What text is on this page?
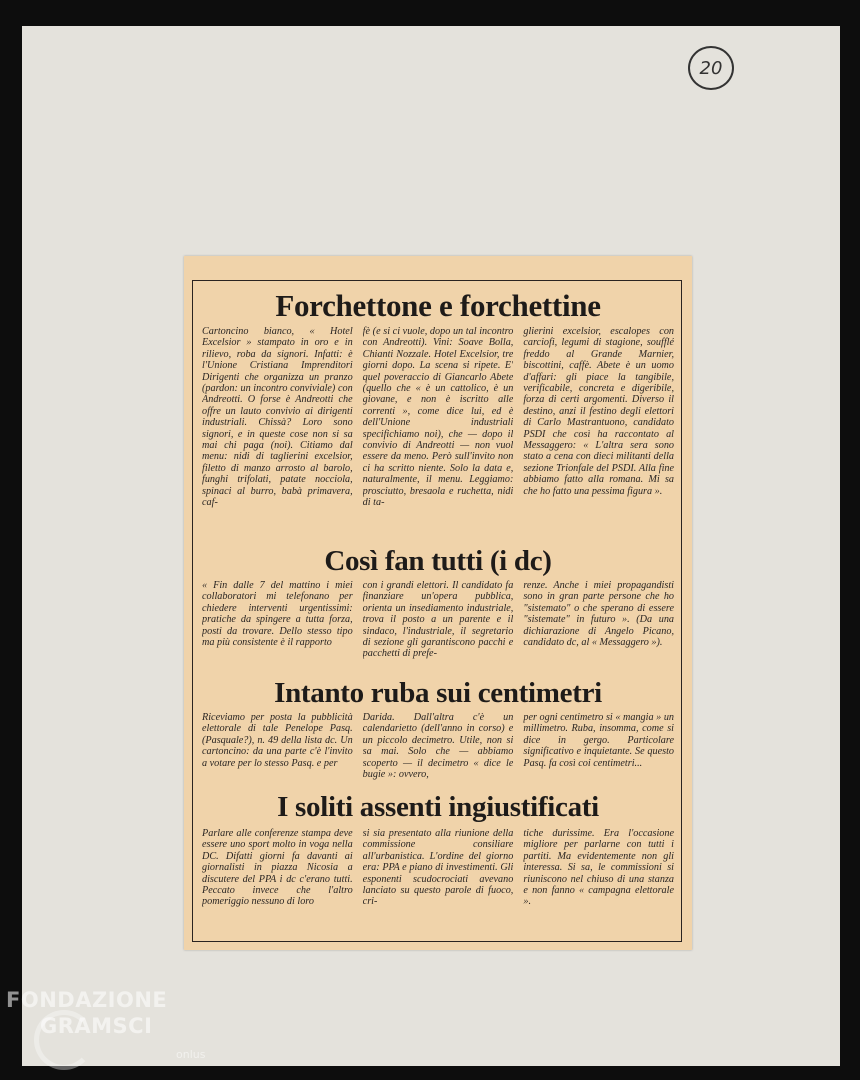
20
Forchettone e forchettine
Cartoncino bianco, « Hotel Excelsior » stampato in oro e in rilievo, roba da signori. Infatti: è l'Unione Cristiana Imprenditori Dirigenti che organizza un pranzo (pardon: un incontro conviviale) con Andreotti. O forse è Andreotti che offre un lauto convivio ai dirigenti industriali. Chissà? Loro sono signori, e in queste cose non si sa mai chi paga (noi). Citiamo dal menu: nidi di taglierini excelsior, filetto di manzo arrosto al barolo, funghi trifolati, patate nocciola, spinaci al burro, babà primavera, caf-
fè (e si ci vuole, dopo un tal incontro con Andreotti). Vini: Soave Bolla, Chianti Nozzale. Hotel Excelsior, tre giorni dopo. La scena si ripete. E' quel poveraccio di Giancarlo Abete (quello che « è un cattolico, è un giovane, e non è iscritto alle correnti », come dice lui, ed è dell'Unione industriali specifichiamo noi), che — dopo il convivio di Andreotti — non vuol essere da meno. Però sull'invito non ci ha scritto niente. Solo la data e, naturalmente, il menu. Leggiamo: prosciutto, bresaola e ruchetta, nidi di ta-
glierini excelsior, escalopes con carciofi, legumi di stagione, soufflé freddo al Grande Marnier, biscottini, caffè. Abete è un uomo d'affari: gli piace la tangibile, verificabile, concreta e digeribile, forza di certi argomenti. Diverso il destino, anzi il festino degli elettori di Carlo Mastrantuono, candidato PSDI che così ha raccontato al Messaggero: « L'altra sera sono stato a cena con dieci militanti della sezione Trionfale del PSDI. Alla fine abbiamo fatto alla romana. Mi sa che ho fatto una pessima figura ».
Così fan tutti (i dc)
« Fin dalle 7 del mattino i miei collaboratori mi telefonano per chiedere interventi urgentissimi: pratiche da spingere a tutta forza, posti da trovare. Dello stesso tipo ma più consistente è il rapporto
con i grandi elettori. Il candidato fa finanziare un'opera pubblica, orienta un insediamento industriale, trova il posto a un parente e il sindaco, l'industriale, il segretario di sezione gli garantiscono pacchi e pacchetti di prefe-
renze. Anche i miei propagandisti sono in gran parte persone che ho "sistemato" o che sperano di essere "sistemate" in futuro ». (Da una dichiarazione di Angelo Picano, candidato dc, al « Messaggero »).
Intanto ruba sui centimetri
Riceviamo per posta la pubblicità elettorale di tale Penelope Pasq. (Pasquale?), n. 49 della lista dc. Un cartoncino: da una parte c'è l'invito a votare per lo stesso Pasq. e per
Darida. Dall'altra c'è un calendarietto (dell'anno in corso) e un piccolo decimetro. Utile, non si sa mai. Solo che — abbiamo scoperto — il decimetro « dice le bugie »: ovvero,
per ogni centimetro si « mangia » un millimetro. Ruba, insomma, come si dice in gergo. Particolare significativo e inquietante. Se questo Pasq. fa così coi centimetri...
I soliti assenti ingiustificati
Parlare alle conferenze stampa deve essere uno sport molto in voga nella DC. Difatti giorni fa davanti ai giornalisti in piazza Nicosia a discutere del PPA i dc c'erano tutti. Peccato invece che l'altro pomeriggio nessuno di loro
si sia presentato alla riunione della commissione consiliare all'urbanistica. L'ordine del giorno era: PPA e piano di investimenti. Gli esponenti scudocrociati avevano lanciato su questo parole di fuoco, cri-
tiche durissime. Era l'occasione migliore per parlarne con tutti i partiti. Ma evidentemente non gli interessa. Si sa, le commissioni si riuniscono nel chiuso di una stanza e non fanno « campagna elettorale ».
FONDAZIONE
GRAMSCI
onlus
